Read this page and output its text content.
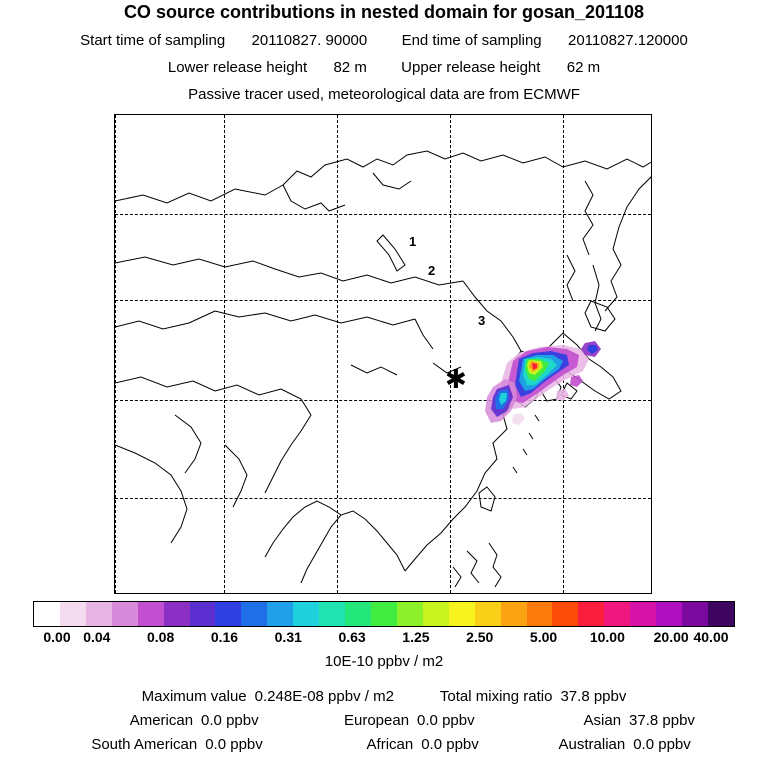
CO source contributions in nested domain for gosan_201108
Start time of sampling 20110827. 90000 End time of sampling 20110827.120000
Lower release height 82 m Upper release height 62 m
Passive tracer used, meteorological data are from ECMWF
✱
1
2
3
0.00 0.04	0.08	0.16	0.31	0.63	1.25	2.50	5.00 10.00 20.00 40.00
10E-10 ppbv / m2
Maximum value	0.248E-08 ppbv / m2		Total mixing ratio	37.8 ppbv
American	0.0 ppbv	European	0.0 ppbv	Asian	37.8 ppbv
South American	0.0 ppbv	African	0.0 ppbv	Australian	0.0 ppbv
